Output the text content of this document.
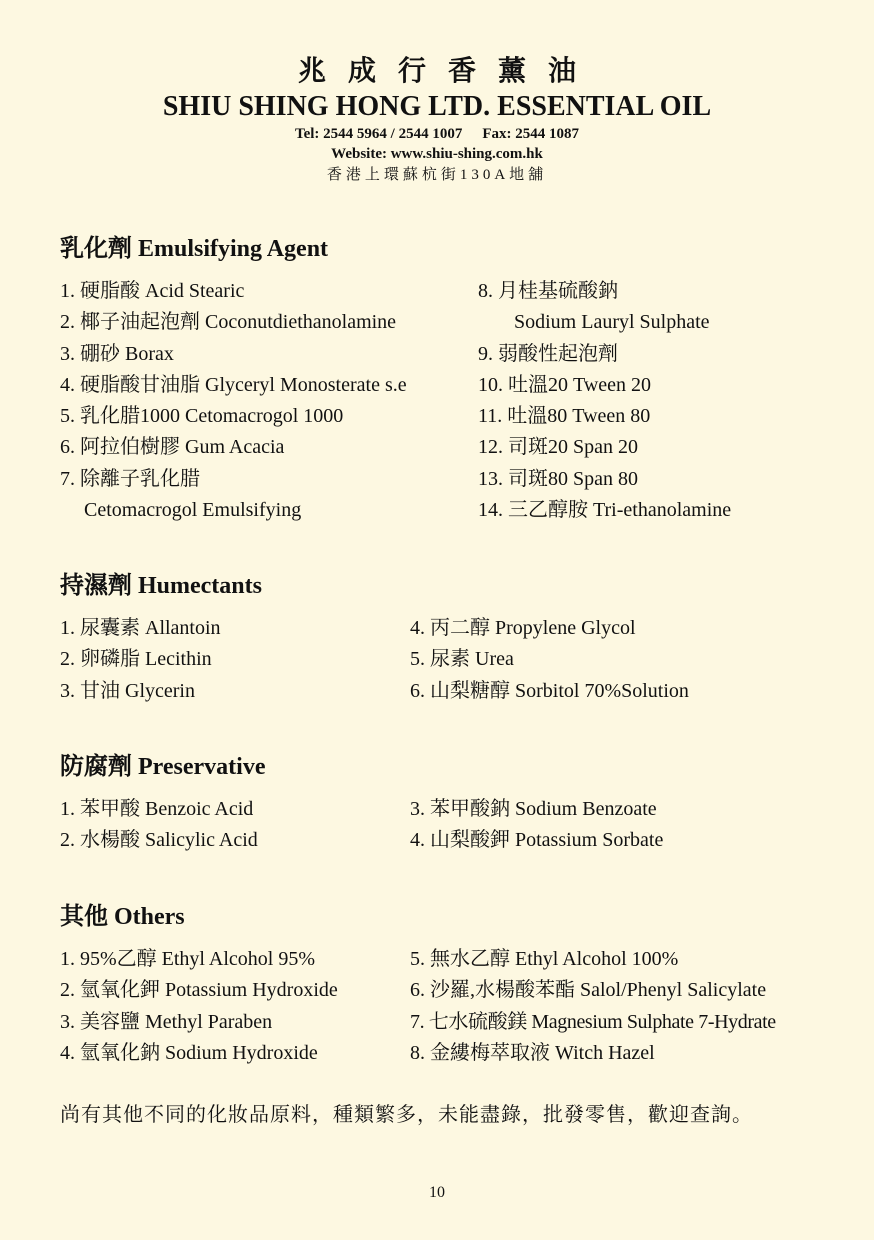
兆成行香薰油
SHIU SHING HONG LTD. ESSENTIAL OIL
Tel: 2544 5964 / 2544 1007 Fax: 2544 1087
Website: www.shiu-shing.com.hk
香港上環蘇杭街130A地舖
乳化劑 Emulsifying Agent
1. 硬脂酸 Acid Stearic
2. 椰子油起泡劑 Coconutdiethanolamine
3. 硼砂 Borax
4. 硬脂酸甘油脂 Glyceryl Monosterate s.e
5. 乳化腊1000 Cetomacrogol 1000
6. 阿拉伯樹膠 Gum Acacia
7. 除離子乳化腊
Cetomacrogol Emulsifying
8. 月桂基硫酸鈉
Sodium Lauryl Sulphate
9. 弱酸性起泡劑
10. 吐溫20 Tween 20
11. 吐溫80 Tween 80
12. 司斑20 Span 20
13. 司斑80 Span 80
14. 三乙醇胺 Tri-ethanolamine
持濕劑 Humectants
1. 尿囊素 Allantoin
2. 卵磷脂 Lecithin
3. 甘油 Glycerin
4. 丙二醇 Propylene Glycol
5. 尿素 Urea
6. 山梨糖醇 Sorbitol 70%Solution
防腐劑 Preservative
1. 苯甲酸 Benzoic Acid
2. 水楊酸 Salicylic Acid
3. 苯甲酸鈉 Sodium Benzoate
4. 山梨酸鉀 Potassium Sorbate
其他 Others
1. 95%乙醇 Ethyl Alcohol 95%
2. 氫氧化鉀 Potassium Hydroxide
3. 美容鹽 Methyl Paraben
4. 氫氧化鈉 Sodium Hydroxide
5. 無水乙醇 Ethyl Alcohol 100%
6. 沙羅,水楊酸苯酯 Salol/Phenyl Salicylate
7. 七水硫酸鎂 Magnesium Sulphate 7-Hydrate
8. 金縷梅萃取液 Witch Hazel
尚有其他不同的化妝品原料，種類繁多，未能盡錄，批發零售，歡迎查詢。
10
